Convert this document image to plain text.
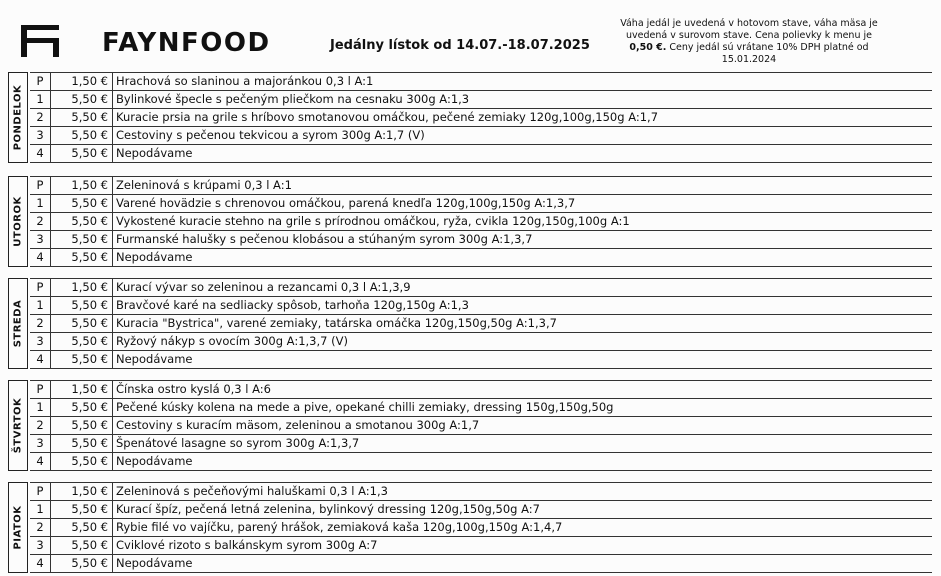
FAYNFOOD	Jedálny lístok od 14.07.-18.07.2025
Váha jedál je uvedená v hotovom stave, váha mäsa je
uvedená v surovom stave. Cena polievky k menu je
0,50 €. Ceny jedál sú vrátane 10% DPH platné od
15.01.2024
PONDELOK
P	1,50 € Hrachová so slaninou a majoránkou 0,3 l A:1
1	5,50 € Bylinkové špecle s pečeným pliečkom na cesnaku 300g A:1,3
2	5,50 € Kuracie prsia na grile s hríbovo smotanovou omáčkou, pečené zemiaky 120g,100g,150g A:1,7
3	5,50 € Cestoviny s pečenou tekvicou a syrom 300g A:1,7 (V)
4	5,50 € Nepodávame
UTOROK
P	1,50 € Zeleninová s krúpami 0,3 l A:1
1	5,50 € Varené hovädzie s chrenovou omáčkou, parená knedľa 120g,100g,150g A:1,3,7
2	5,50 € Vykostené kuracie stehno na grile s prírodnou omáčkou, ryža, cvikla 120g,150g,100g A:1
3	5,50 € Furmanské halušky s pečenou klobásou a stúhaným syrom 300g A:1,3,7
4	5,50 € Nepodávame
STREDA
P	1,50 € Kurací vývar so zeleninou a rezancami 0,3 l A:1,3,9
1	5,50 € Bravčové karé na sedliacky spôsob, tarhoňa 120g,150g A:1,3
2	5,50 € Kuracia "Bystrica", varené zemiaky, tatárska omáčka 120g,150g,50g A:1,3,7
3	5,50 € Ryžový nákyp s ovocím 300g A:1,3,7 (V)
4	5,50 € Nepodávame
ŠTVRTOK
P	1,50 € Čínska ostro kyslá 0,3 l A:6
1	5,50 € Pečené kúsky kolena na mede a pive, opekané chilli zemiaky, dressing 150g,150g,50g
2	5,50 € Cestoviny s kuracím mäsom, zeleninou a smotanou 300g A:1,7
3	5,50 € Špenátové lasagne so syrom 300g A:1,3,7
4	5,50 € Nepodávame
PIATOK
P	1,50 € Zeleninová s pečeňovými haluškami 0,3 l A:1,3
1	5,50 € Kurací špíz, pečená letná zelenina, bylinkový dressing 120g,150g,50g A:7
2	5,50 € Rybie filé vo vajíčku, parený hrášok, zemiaková kaša 120g,100g,150g A:1,4,7
3	5,50 € Cviklové rizoto s balkánskym syrom 300g A:7
4	5,50 € Nepodávame
